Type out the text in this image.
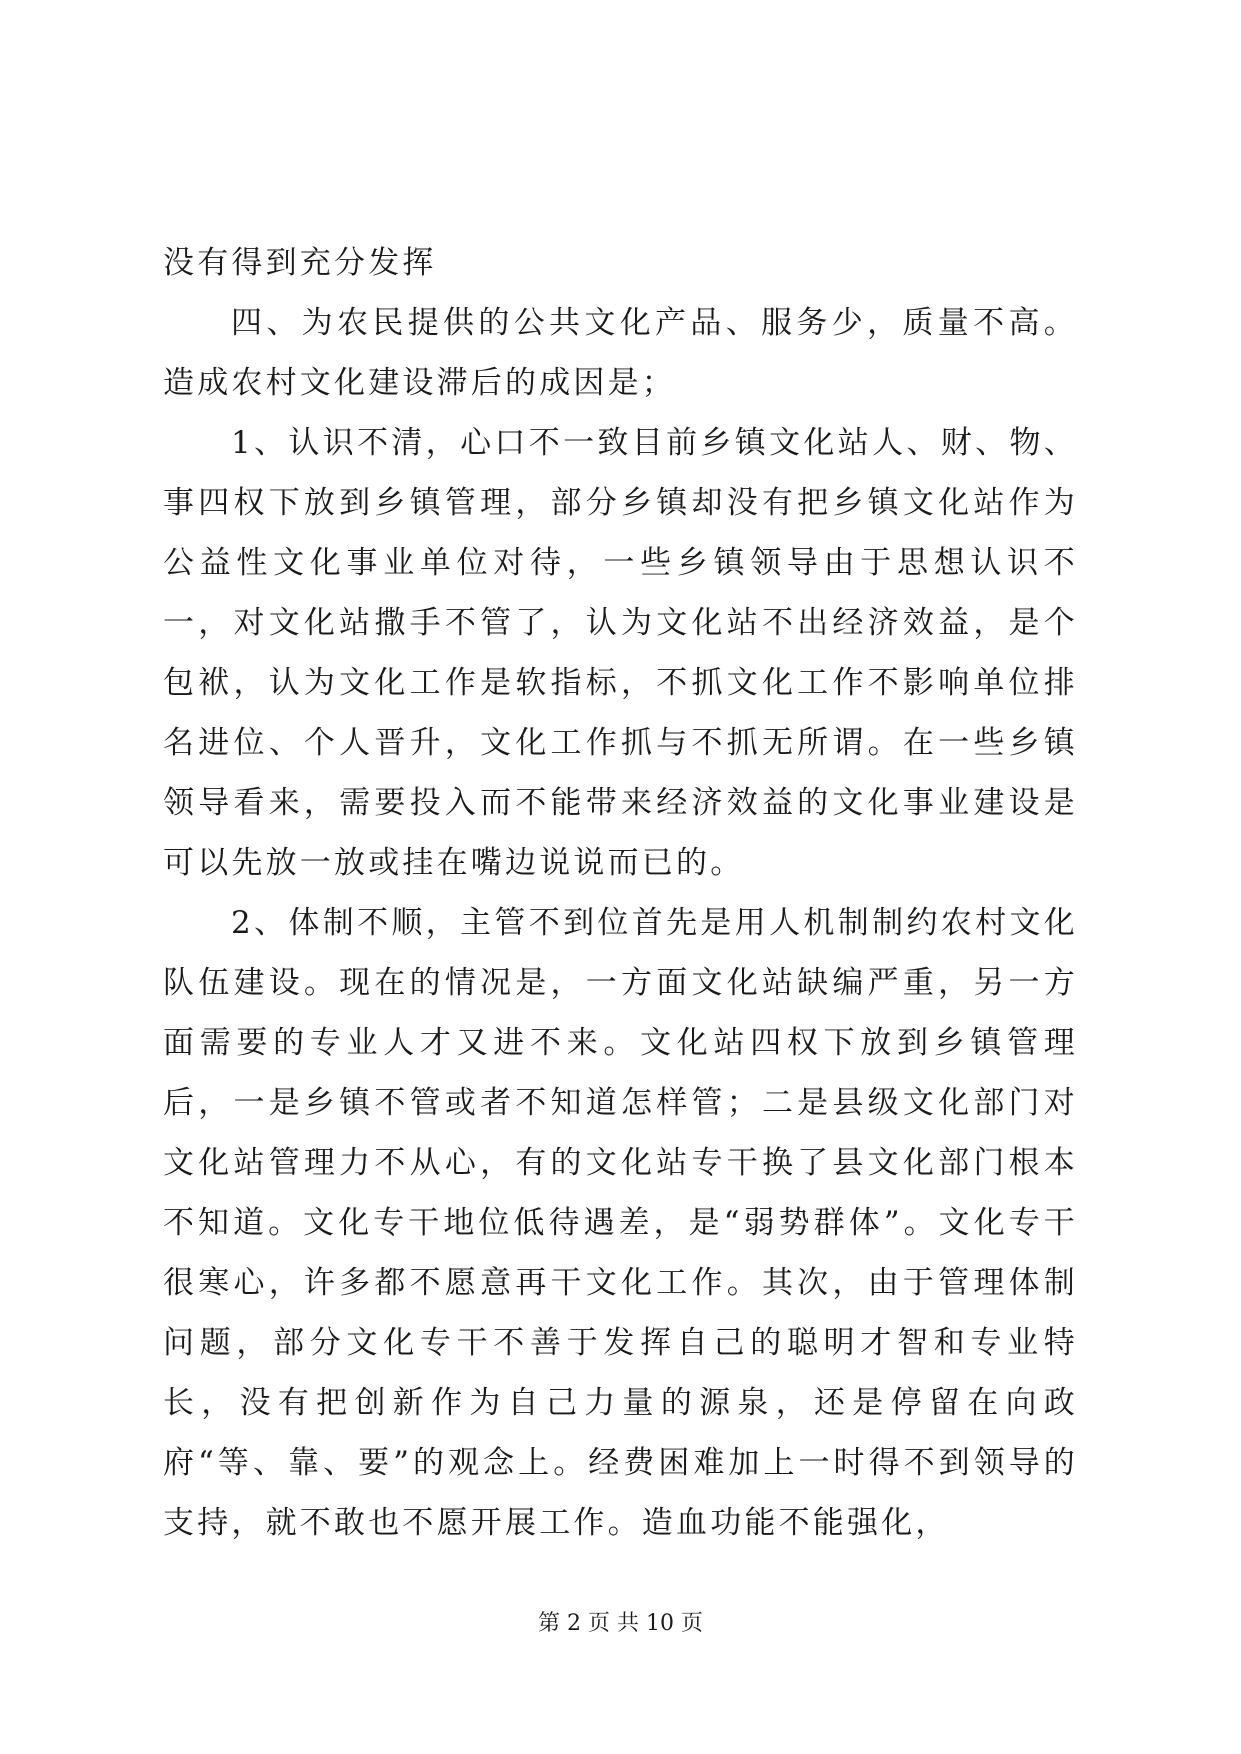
没有得到充分发挥

四、为农民提供的公共文化产品、服务少，质量不高。造成农村文化建设滞后的成因是；

1、认识不清，心口不一致目前乡镇文化站人、财、物、事四权下放到乡镇管理，部分乡镇却没有把乡镇文化站作为公益性文化事业单位对待，一些乡镇领导由于思想认识不一，对文化站撒手不管了，认为文化站不出经济效益，是个包袱，认为文化工作是软指标，不抓文化工作不影响单位排名进位、个人晋升，文化工作抓与不抓无所谓。在一些乡镇领导看来，需要投入而不能带来经济效益的文化事业建设是可以先放一放或挂在嘴边说说而已的。

2、体制不顺，主管不到位首先是用人机制制约农村文化队伍建设。现在的情况是，一方面文化站缺编严重，另一方面需要的专业人才又进不来。文化站四权下放到乡镇管理后，一是乡镇不管或者不知道怎样管；二是县级文化部门对文化站管理力不从心，有的文化站专干换了县文化部门根本不知道。文化专干地位低待遇差，是“弱势群体”。文化专干很寒心，许多都不愿意再干文化工作。其次，由于管理体制问题，部分文化专干不善于发挥自己的聪明才智和专业特长，没有把创新作为自己力量的源泉，还是停留在向政府“等、靠、要”的观念上。经费困难加上一时得不到领导的支持，就不敢也不愿开展工作。造血功能不能强化，

第 2 页 共 10 页
